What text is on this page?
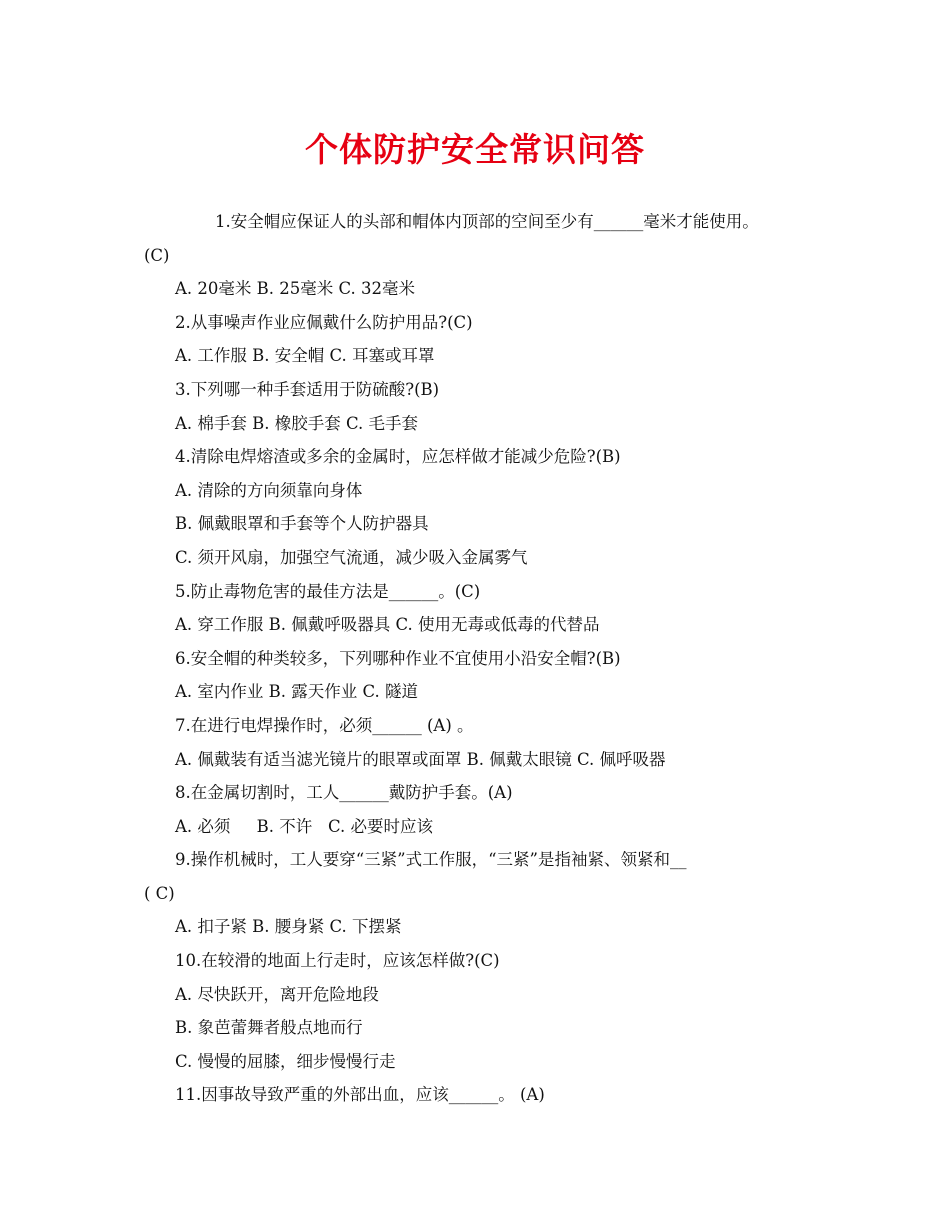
个体防护安全常识问答
1.安全帽应保证人的头部和帽体内顶部的空间至少有______毫米才能使用。
(C)
A. 20毫米 B. 25毫米 C. 32毫米
2.从事噪声作业应佩戴什么防护用品?(C)
A. 工作服 B. 安全帽 C. 耳塞或耳罩
3.下列哪一种手套适用于防硫酸?(B)
A. 棉手套 B. 橡胶手套 C. 毛手套
4.清除电焊熔渣或多余的金属时，应怎样做才能减少危险?(B)
A. 清除的方向须靠向身体
B. 佩戴眼罩和手套等个人防护器具
C. 须开风扇，加强空气流通，减少吸入金属雾气
5.防止毒物危害的最佳方法是______。(C)
A. 穿工作服 B. 佩戴呼吸器具 C. 使用无毒或低毒的代替品
6.安全帽的种类较多，下列哪种作业不宜使用小沿安全帽?(B)
A. 室内作业 B. 露天作业 C. 隧道
7.在进行电焊操作时，必须______ (A) 。
A. 佩戴装有适当滤光镜片的眼罩或面罩 B. 佩戴太眼镜 C. 佩呼吸器
8.在金属切割时，工人______戴防护手套。(A)
A. 必须     B. 不许   C. 必要时应该
9.操作机械时，工人要穿“三紧”式工作服，“三紧”是指袖紧、领紧和__
( C)
A. 扣子紧 B. 腰身紧 C. 下摆紧
10.在较滑的地面上行走时，应该怎样做?(C)
A. 尽快跃开，离开危险地段
B. 象芭蕾舞者般点地而行
C. 慢慢的屈膝，细步慢慢行走
11.因事故导致严重的外部出血，应该______。 (A)
